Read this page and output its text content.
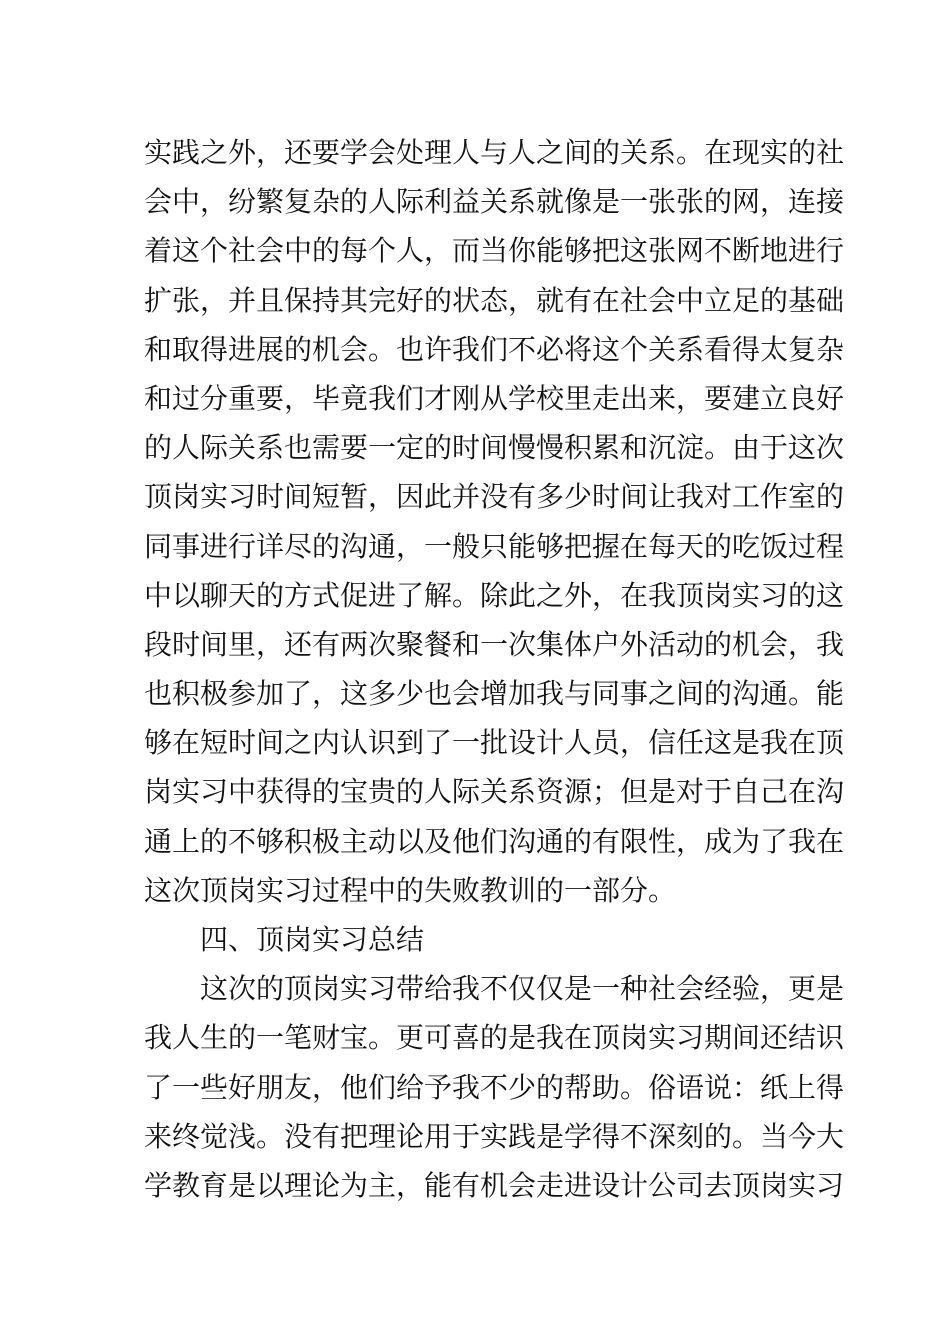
实践之外，还要学会处理人与人之间的关系。在现实的社
会中，纷繁复杂的人际利益关系就像是一张张的网，连接
着这个社会中的每个人，而当你能够把这张网不断地进行
扩张，并且保持其完好的状态，就有在社会中立足的基础
和取得进展的机会。也许我们不必将这个关系看得太复杂
和过分重要，毕竟我们才刚从学校里走出来，要建立良好
的人际关系也需要一定的时间慢慢积累和沉淀。由于这次
顶岗实习时间短暂，因此并没有多少时间让我对工作室的
同事进行详尽的沟通，一般只能够把握在每天的吃饭过程
中以聊天的方式促进了解。除此之外，在我顶岗实习的这
段时间里，还有两次聚餐和一次集体户外活动的机会，我
也积极参加了，这多少也会增加我与同事之间的沟通。能
够在短时间之内认识到了一批设计人员，信任这是我在顶
岗实习中获得的宝贵的人际关系资源；但是对于自己在沟
通上的不够积极主动以及他们沟通的有限性，成为了我在
这次顶岗实习过程中的失败教训的一部分。
四、顶岗实习总结
这次的顶岗实习带给我不仅仅是一种社会经验，更是
我人生的一笔财宝。更可喜的是我在顶岗实习期间还结识
了一些好朋友，他们给予我不少的帮助。俗语说：纸上得
来终觉浅。没有把理论用于实践是学得不深刻的。当今大
学教育是以理论为主，能有机会走进设计公司去顶岗实习
